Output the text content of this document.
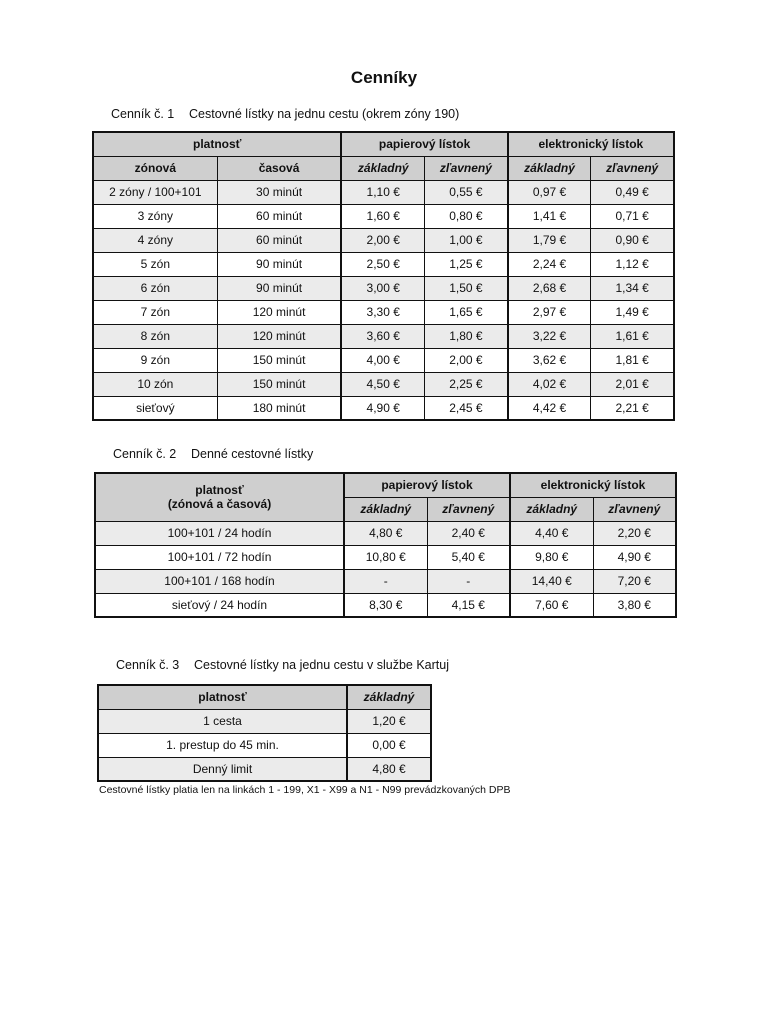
Cenníky
Cenník č. 1 Cestovné lístky na jednu cestu (okrem zóny 190)
platnosť		papierový lístok		elektronický lístok	
zónová	časová	základný	zľavnený	základný	zľavnený
2 zóny / 100+101	30 minút	1,10 €	0,55 €	0,97 €	0,49 €
3 zóny	60 minút	1,60 €	0,80 €	1,41 €	0,71 €
4 zóny	60 minút	2,00 €	1,00 €	1,79 €	0,90 €
5 zón	90 minút	2,50 €	1,25 €	2,24 €	1,12 €
6 zón	90 minút	3,00 €	1,50 €	2,68 €	1,34 €
7 zón	120 minút	3,30 €	1,65 €	2,97 €	1,49 €
8 zón	120 minút	3,60 €	1,80 €	3,22 €	1,61 €
9 zón	150 minút	4,00 €	2,00 €	3,62 €	1,81 €
10 zón	150 minút	4,50 €	2,25 €	4,02 €	2,01 €
sieťový	180 minút	4,90 €	2,45 €	4,42 €	2,21 €
Cenník č. 2 Denné cestovné lístky
platnosť
(zónová a časová)	papierový lístok		elektronický lístok	
	základný	zľavnený	základný	zľavnený
100+101 / 24 hodín	4,80 €	2,40 €	4,40 €	2,20 €
100+101 / 72 hodín	10,80 €	5,40 €	9,80 €	4,90 €
100+101 / 168 hodín	-	-	14,40 €	7,20 €
sieťový / 24 hodín	8,30 €	4,15 €	7,60 €	3,80 €
Cenník č. 3 Cestovné lístky na jednu cestu v službe Kartuj
platnosť	základný
1 cesta	1,20 €
1. prestup do 45 min.	0,00 €
Denný limit	4,80 €
Cestovné lístky platia len na linkách 1 - 199, X1 - X99 a N1 - N99 prevádzkovaných DPB
